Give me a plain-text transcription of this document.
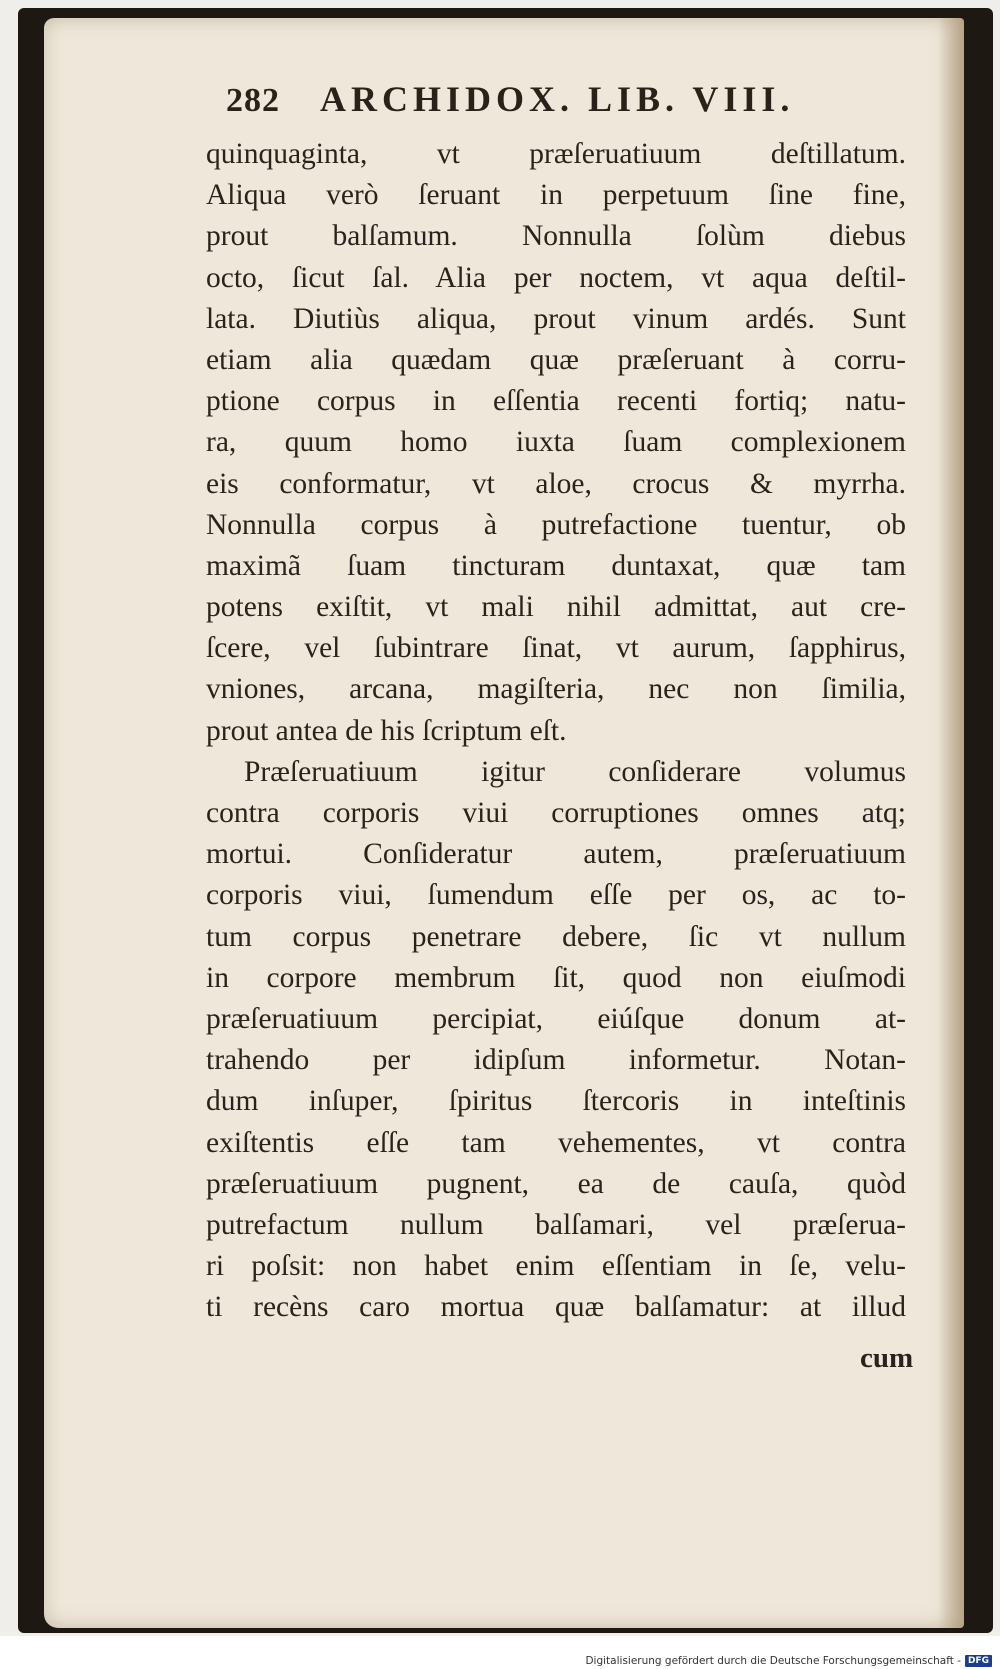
282 ARCHIDOX. LIB. VIII.
quinquaginta, vt præſeruatiuum deſtillatum.
Aliqua verò ſeruant in perpetuum ſine fine,
prout balſamum. Nonnulla ſolùm diebus
octo, ſicut ſal. Alia per noctem, vt aqua deſtil-
lata. Diutiùs aliqua, prout vinum ardés. Sunt
etiam alia quædam quæ præſeruant à corru-
ptione corpus in eſſentia recenti fortiq; natu-
ra, quum homo iuxta ſuam complexionem
eis conformatur, vt aloe, crocus & myrrha.
Nonnulla corpus à putrefactione tuentur, ob
maximã ſuam tincturam duntaxat, quæ tam
potens exiſtit, vt mali nihil admittat, aut cre-
ſcere, vel ſubintrare ſinat, vt aurum, ſapphirus,
vniones, arcana, magiſteria, nec non ſimilia,
prout antea de his ſcriptum eſt.
Præſeruatiuum igitur conſiderare volumus
contra corporis viui corruptiones omnes atq;
mortui. Conſideratur autem, præſeruatiuum
corporis viui, ſumendum eſſe per os, ac to-
tum corpus penetrare debere, ſic vt nullum
in corpore membrum ſit, quod non eiuſmodi
præſeruatiuum percipiat, eiúſque donum at-
trahendo per idipſum informetur. Notan-
dum inſuper, ſpiritus ſtercoris in inteſtinis
exiſtentis eſſe tam vehementes, vt contra
præſeruatiuum pugnent, ea de cauſa, quòd
putrefactum nullum balſamari, vel præſerua-
ri poſsit: non habet enim eſſentiam in ſe, velu-
ti recèns caro mortua quæ balſamatur: at illud
cum
Digitalisierung gefördert durch die Deutsche Forschungsgemeinschaft - DFG
